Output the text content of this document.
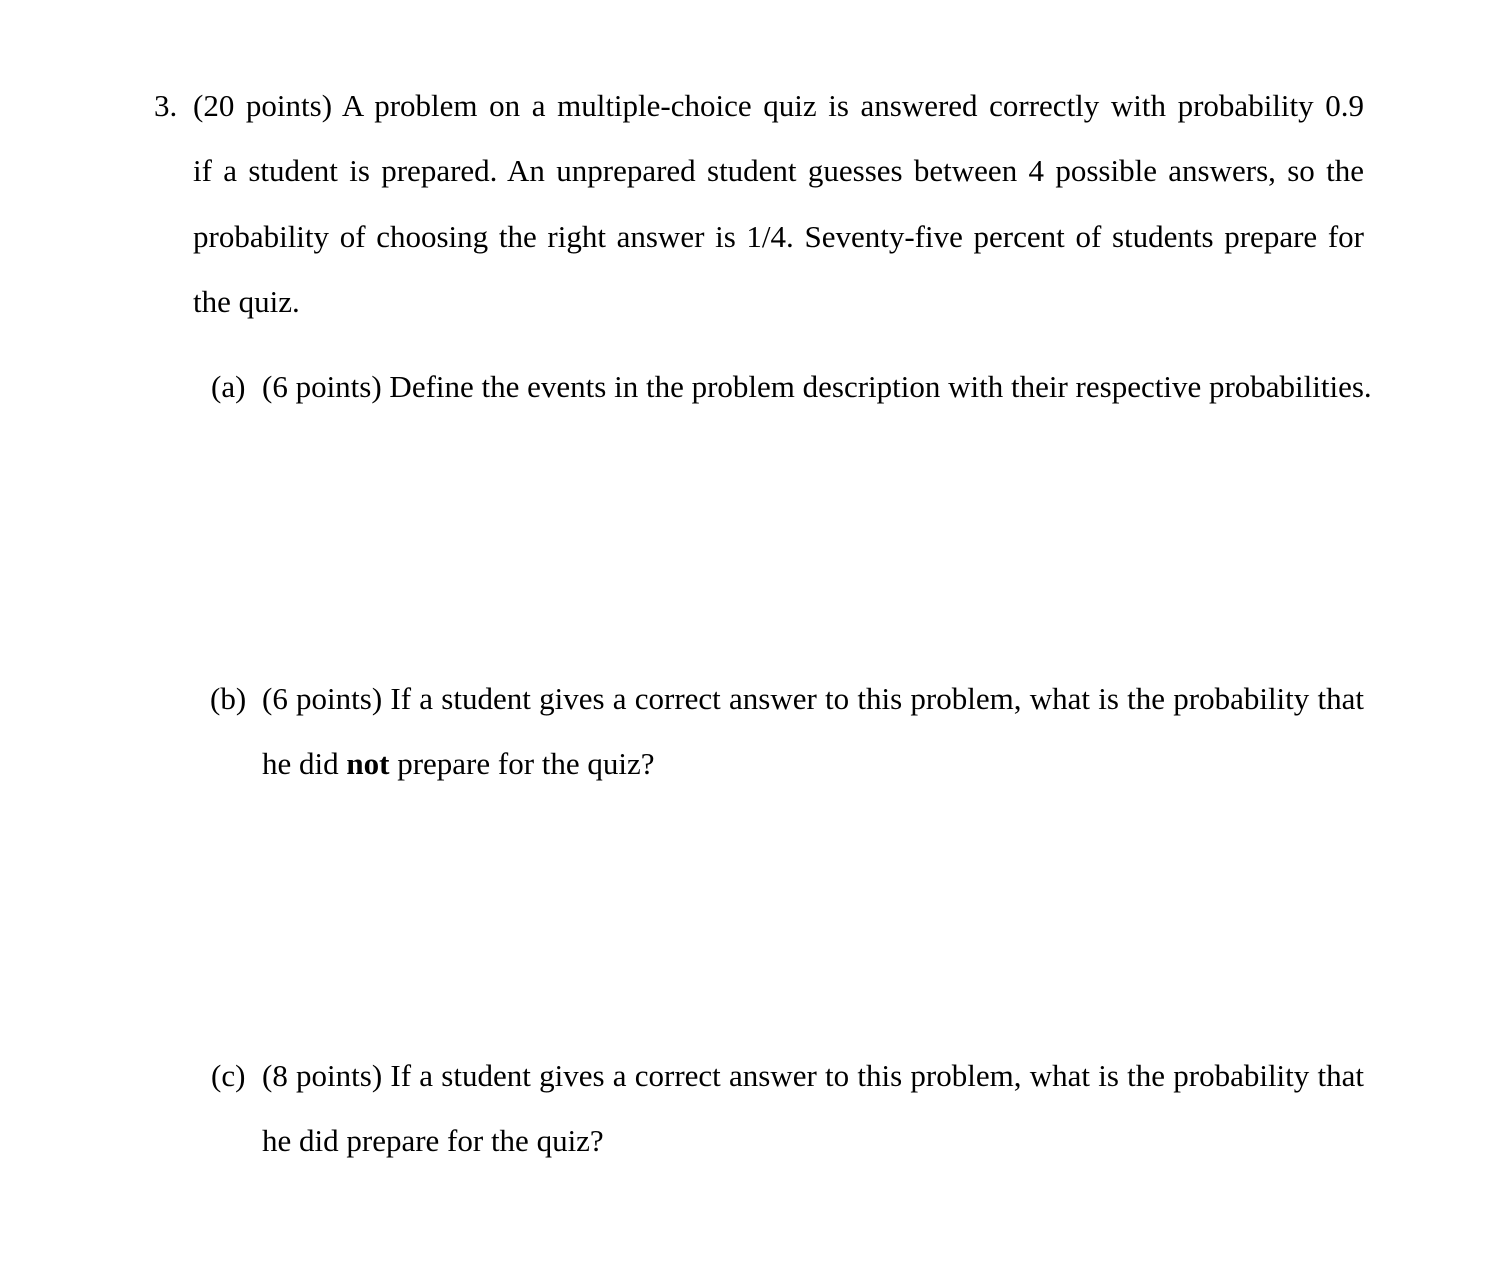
3. (20 points) A problem on a multiple-choice quiz is answered correctly with probability 0.9
if a student is prepared. An unprepared student guesses between 4 possible answers, so the
probability of choosing the right answer is 1/4. Seventy-five percent of students prepare for
the quiz.
(a) (6 points) Define the events in the problem description with their respective probabilities.
(b) (6 points) If a student gives a correct answer to this problem, what is the probability that
he did not prepare for the quiz?
(c) (8 points) If a student gives a correct answer to this problem, what is the probability that
he did prepare for the quiz?
